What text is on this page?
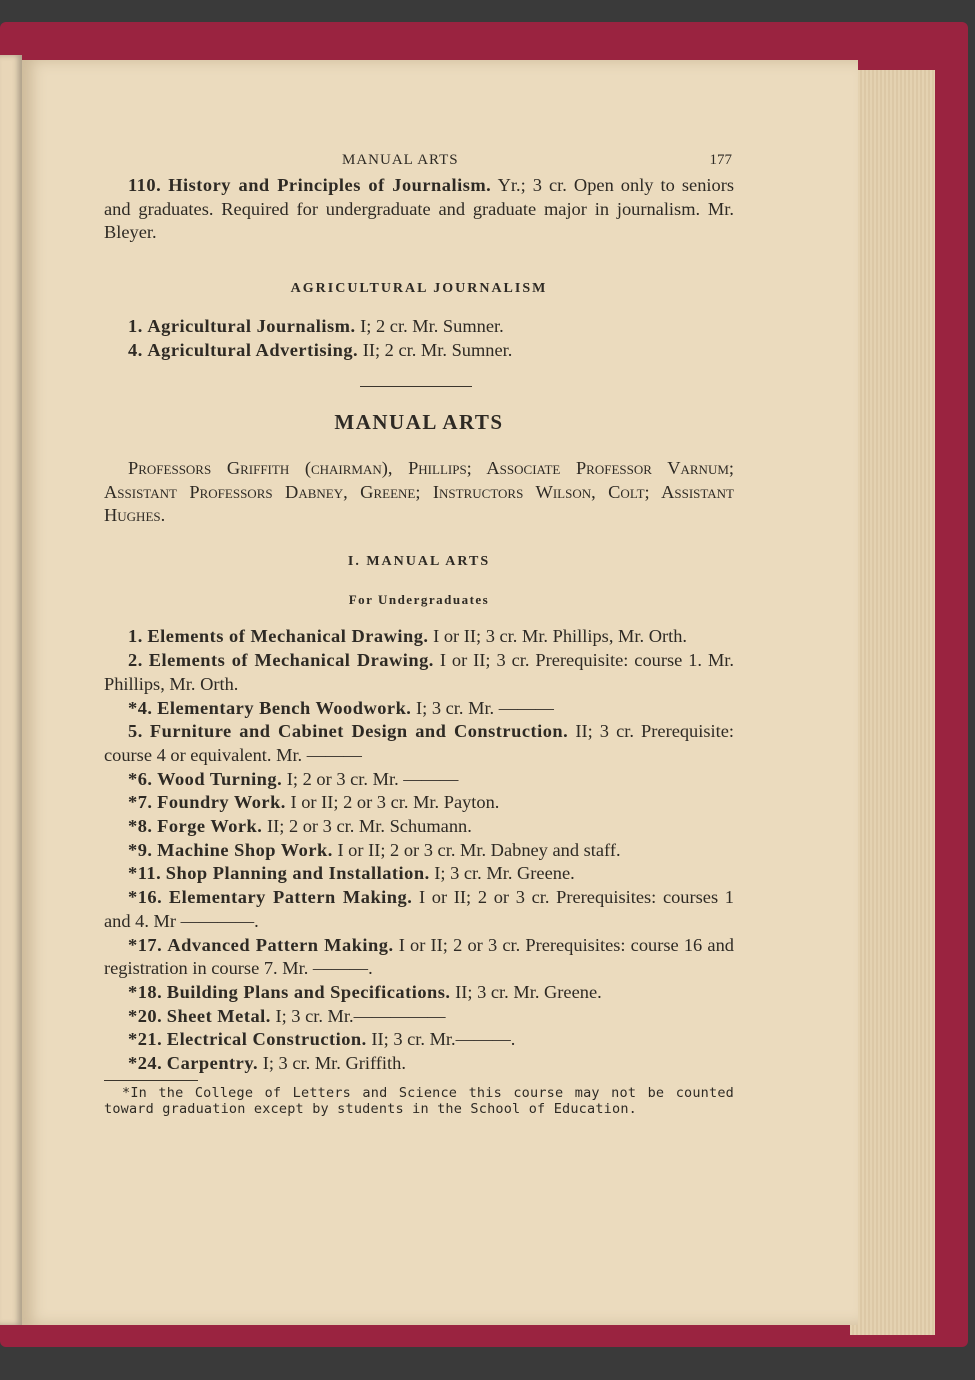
MANUAL ARTS	177

110. History and Principles of Journalism. Yr.; 3 cr. Open only to seniors and graduates. Required for undergraduate and graduate major in journalism. Mr. Bleyer.

AGRICULTURAL JOURNALISM

1. Agricultural Journalism. I; 2 cr. Mr. Sumner.

4. Agricultural Advertising. II; 2 cr. Mr. Sumner.

MANUAL ARTS

Professors Griffith (chairman), Phillips; Associate Professor Varnum; Assistant Professors Dabney, Greene; Instructors Wilson, Colt; Assistant Hughes.

I. MANUAL ARTS
For Undergraduates

1. Elements of Mechanical Drawing. I or II; 3 cr. Mr. Phillips, Mr. Orth.

2. Elements of Mechanical Drawing. I or II; 3 cr. Prerequisite: course 1. Mr. Phillips, Mr. Orth.

*4. Elementary Bench Woodwork. I; 3 cr. Mr. ———

5. Furniture and Cabinet Design and Construction. II; 3 cr. Prerequisite: course 4 or equivalent. Mr. ———

*6. Wood Turning. I; 2 or 3 cr. Mr. ———

*7. Foundry Work. I or II; 2 or 3 cr. Mr. Payton.

*8. Forge Work. II; 2 or 3 cr. Mr. Schumann.

*9. Machine Shop Work. I or II; 2 or 3 cr. Mr. Dabney and staff.

*11. Shop Planning and Installation. I; 3 cr. Mr. Greene.

*16. Elementary Pattern Making. I or II; 2 or 3 cr. Prerequisites: courses 1 and 4. Mr ————.

*17. Advanced Pattern Making. I or II; 2 or 3 cr. Prerequisites: course 16 and registration in course 7. Mr. ———.

*18. Building Plans and Specifications. II; 3 cr. Mr. Greene.

*20. Sheet Metal. I; 3 cr. Mr.—————

*21. Electrical Construction. II; 3 cr. Mr.———.

*24. Carpentry. I; 3 cr. Mr. Griffith.

*In the College of Letters and Science this course may not be counted toward graduation except by students in the School of Education.
